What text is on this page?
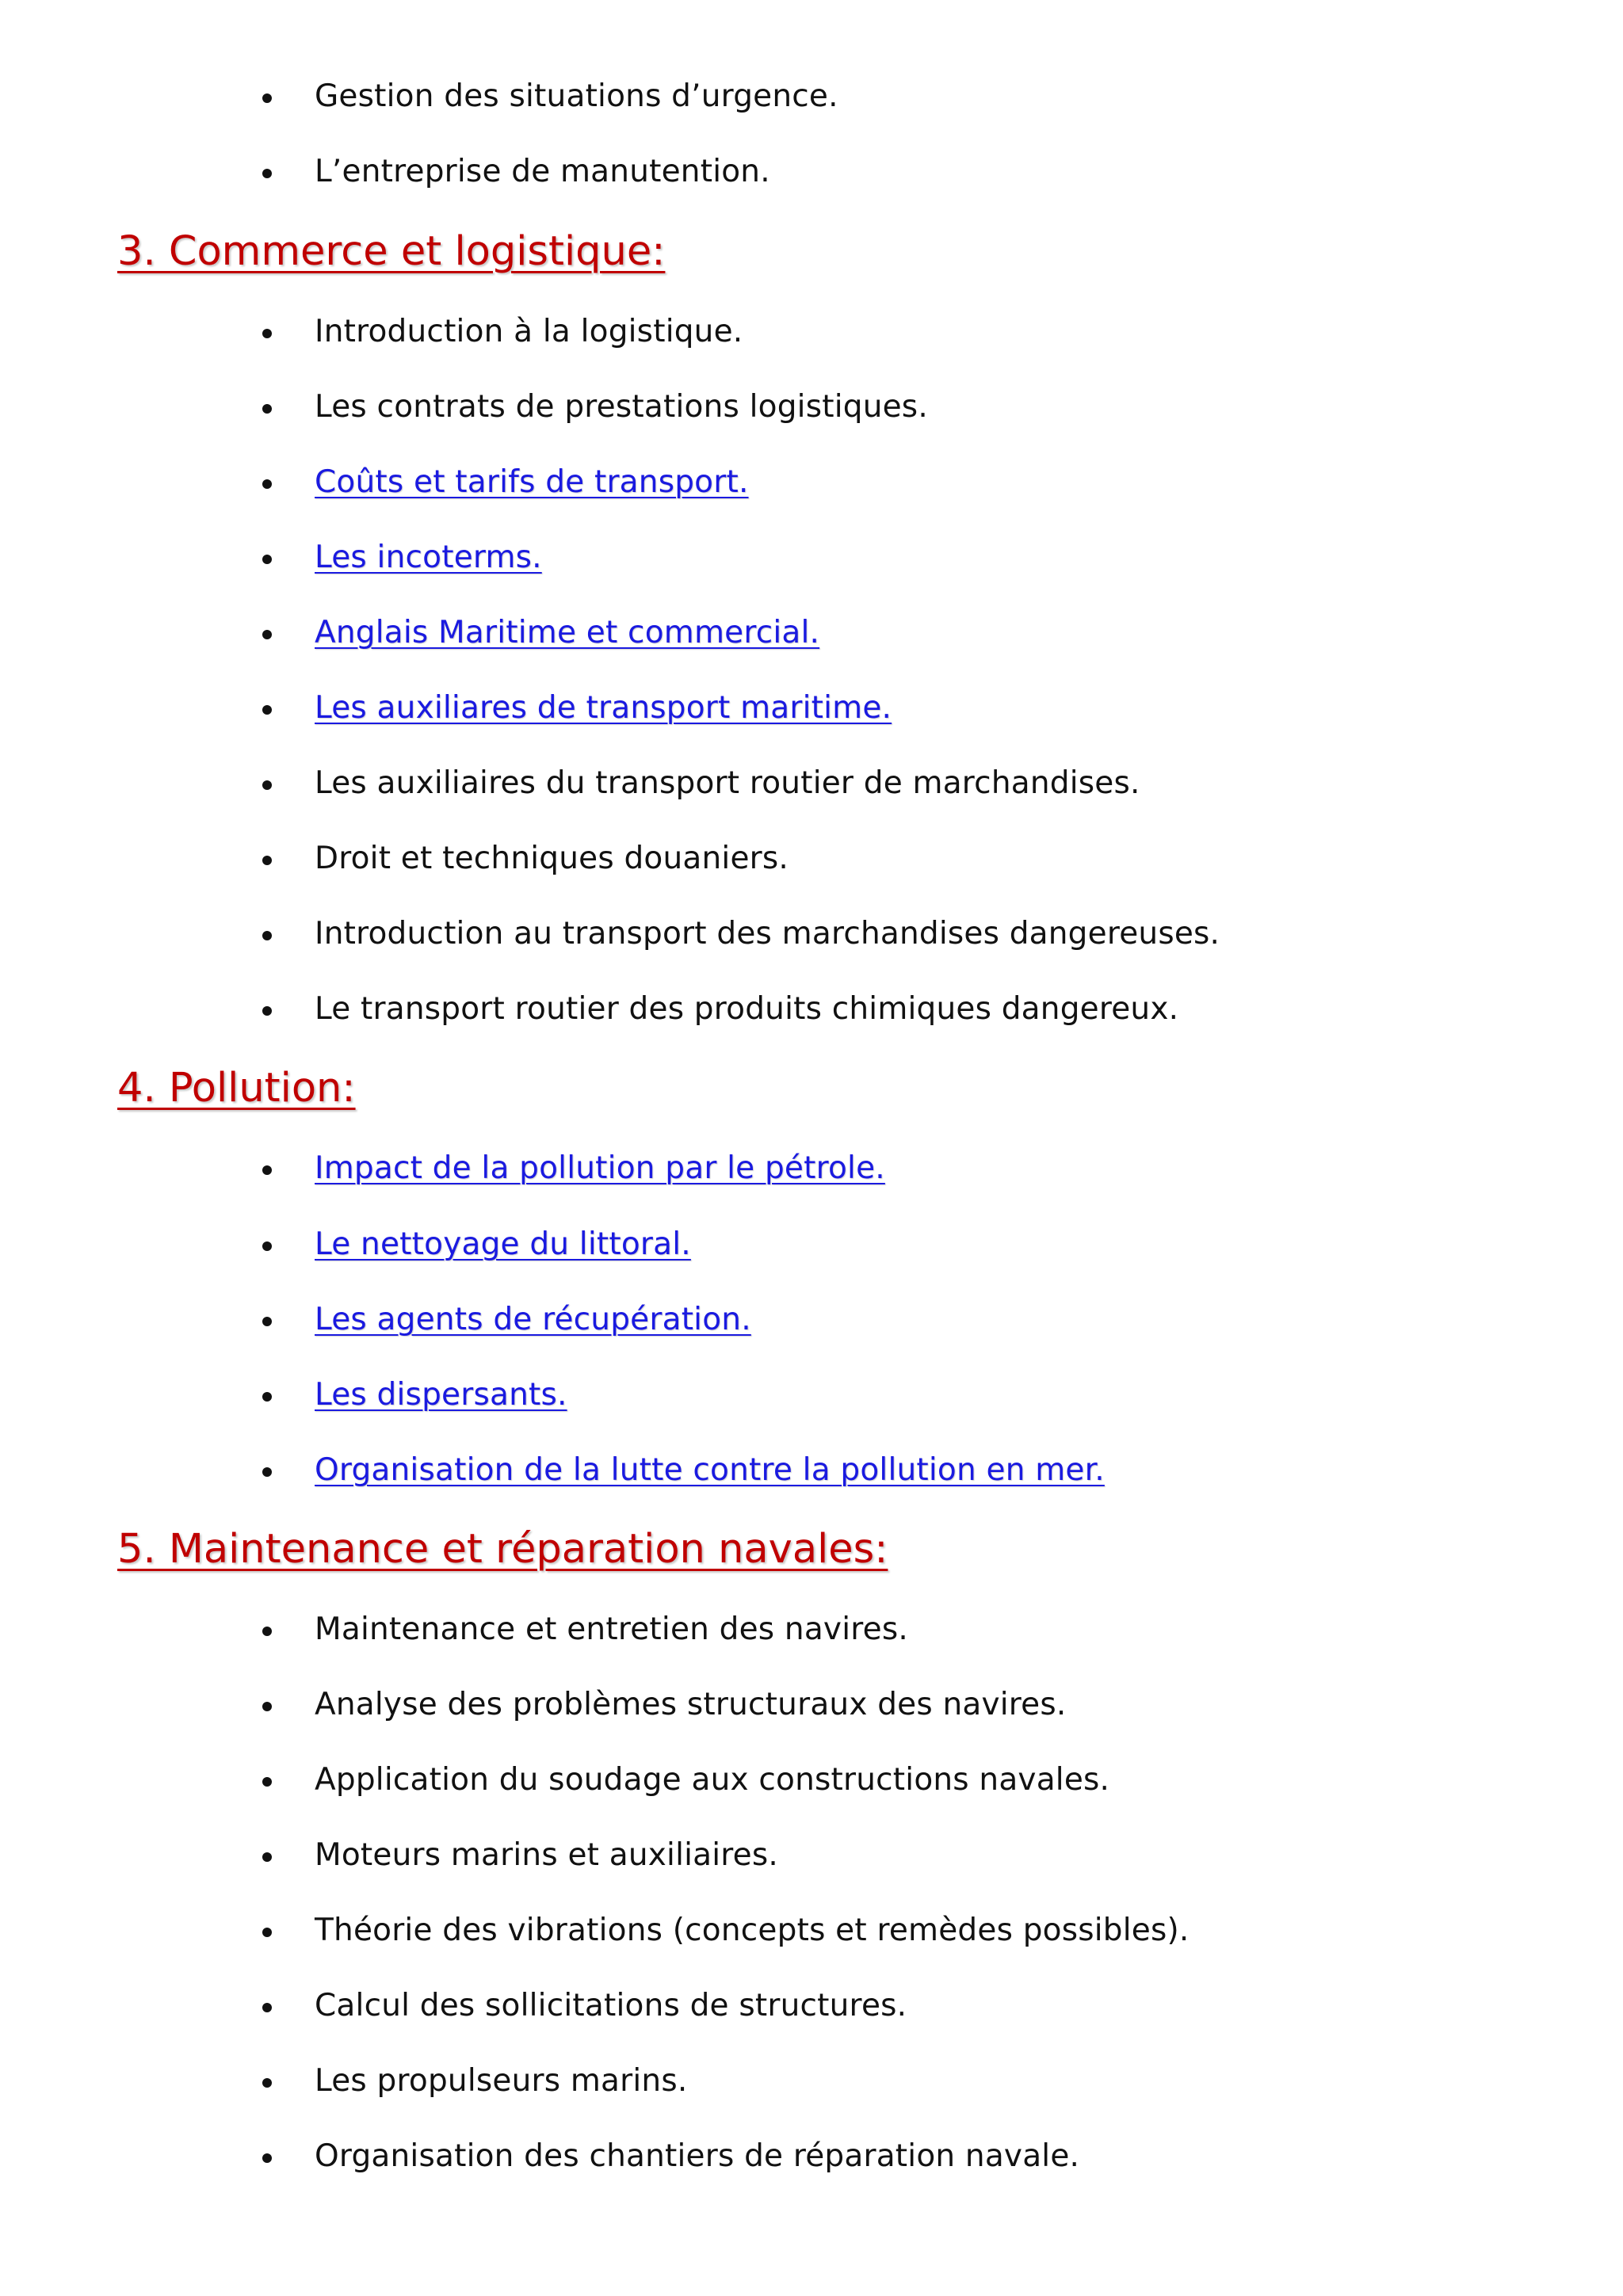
Gestion des situations d’urgence.
L’entreprise de manutention.
3. Commerce et logistique:
Introduction à la logistique.
Les contrats de prestations logistiques.
Coûts et tarifs de transport.
Les incoterms.
Anglais Maritime et commercial.
Les auxiliares de transport maritime.
Les auxiliaires du transport routier de marchandises.
Droit et techniques douaniers.
Introduction au transport des marchandises dangereuses.
Le transport routier des produits chimiques dangereux.
4. Pollution:
Impact de la pollution par le pétrole.
Le nettoyage du littoral.
Les agents de récupération.
Les dispersants.
Organisation de la lutte contre la pollution en mer.
5. Maintenance et réparation navales:
Maintenance et entretien des navires.
Analyse des problèmes structuraux des navires.
Application du soudage aux constructions navales.
Moteurs marins et auxiliaires.
Théorie des vibrations (concepts et remèdes possibles).
Calcul des sollicitations de structures.
Les propulseurs marins.
Organisation des chantiers de réparation navale.
